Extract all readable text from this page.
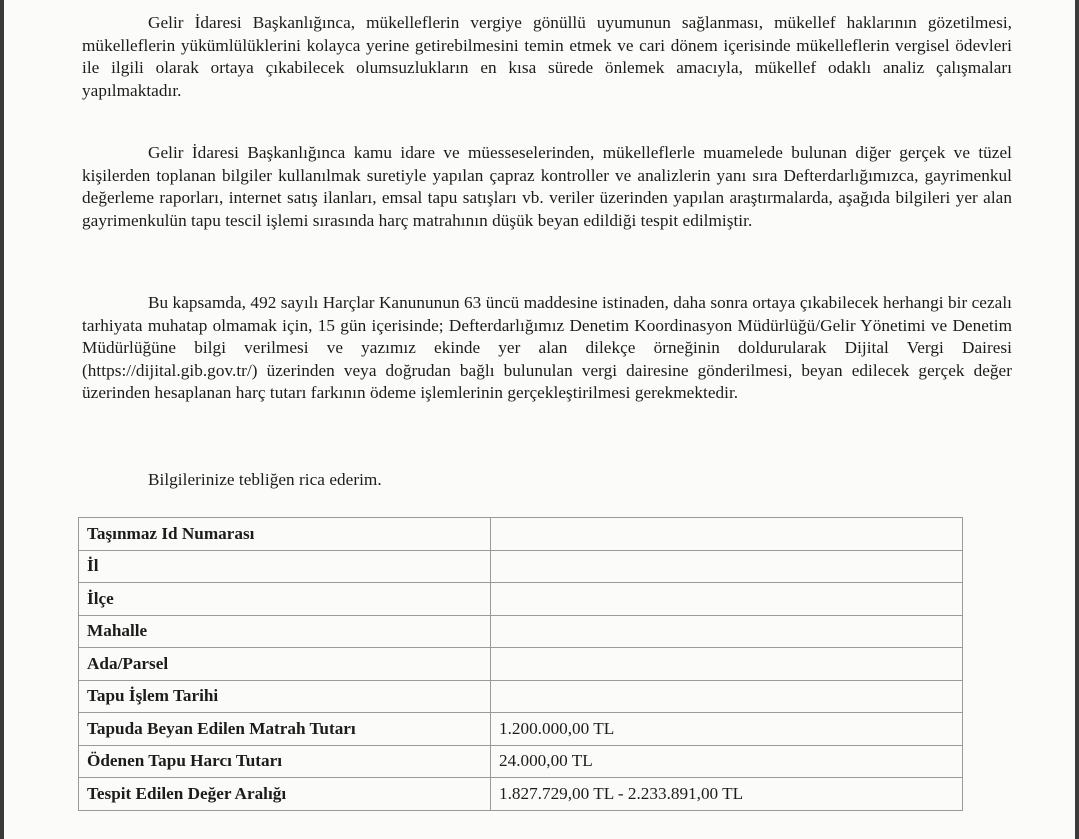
Gelir İdaresi Başkanlığınca, mükelleflerin vergiye gönüllü uyumunun sağlanması, mükellef haklarının gözetilmesi, mükelleflerin yükümlülüklerini kolayca yerine getirebilmesini temin etmek ve cari dönem içerisinde mükelleflerin vergisel ödevleri ile ilgili olarak ortaya çıkabilecek olumsuzlukların en kısa sürede önlemek amacıyla, mükellef odaklı analiz çalışmaları yapılmaktadır.

Gelir İdaresi Başkanlığınca kamu idare ve müesseselerinden, mükelleflerle muamelede bulunan diğer gerçek ve tüzel kişilerden toplanan bilgiler kullanılmak suretiyle yapılan çapraz kontroller ve analizlerin yanı sıra Defterdarlığımızca, gayrimenkul değerleme raporları, internet satış ilanları, emsal tapu satışları vb. veriler üzerinden yapılan araştırmalarda, aşağıda bilgileri yer alan gayrimenkulün tapu tescil işlemi sırasında harç matrahının düşük beyan edildiği tespit edilmiştir.

Bu kapsamda, 492 sayılı Harçlar Kanununun 63 üncü maddesine istinaden, daha sonra ortaya çıkabilecek herhangi bir cezalı tarhiyata muhatap olmamak için, 15 gün içerisinde; Defterdarlığımız Denetim Koordinasyon Müdürlüğü/Gelir Yönetimi ve Denetim Müdürlüğüne bilgi verilmesi ve yazımız ekinde yer alan dilekçe örneğinin doldurularak Dijital Vergi Dairesi (https://dijital.gib.gov.tr/) üzerinden veya doğrudan bağlı bulunulan vergi dairesine gönderilmesi, beyan edilecek gerçek değer üzerinden hesaplanan harç tutarı farkının ödeme işlemlerinin gerçekleştirilmesi gerekmektedir.

Bilgilerinize tebliğen rica ederim.

Taşınmaz Id Numarası	
İl	
İlçe	
Mahalle	
Ada/Parsel	
Tapu İşlem Tarihi	
Tapuda Beyan Edilen Matrah Tutarı	1.200.000,00 TL
Ödenen Tapu Harcı Tutarı	24.000,00 TL
Tespit Edilen Değer Aralığı	1.827.729,00 TL - 2.233.891,00 TL
